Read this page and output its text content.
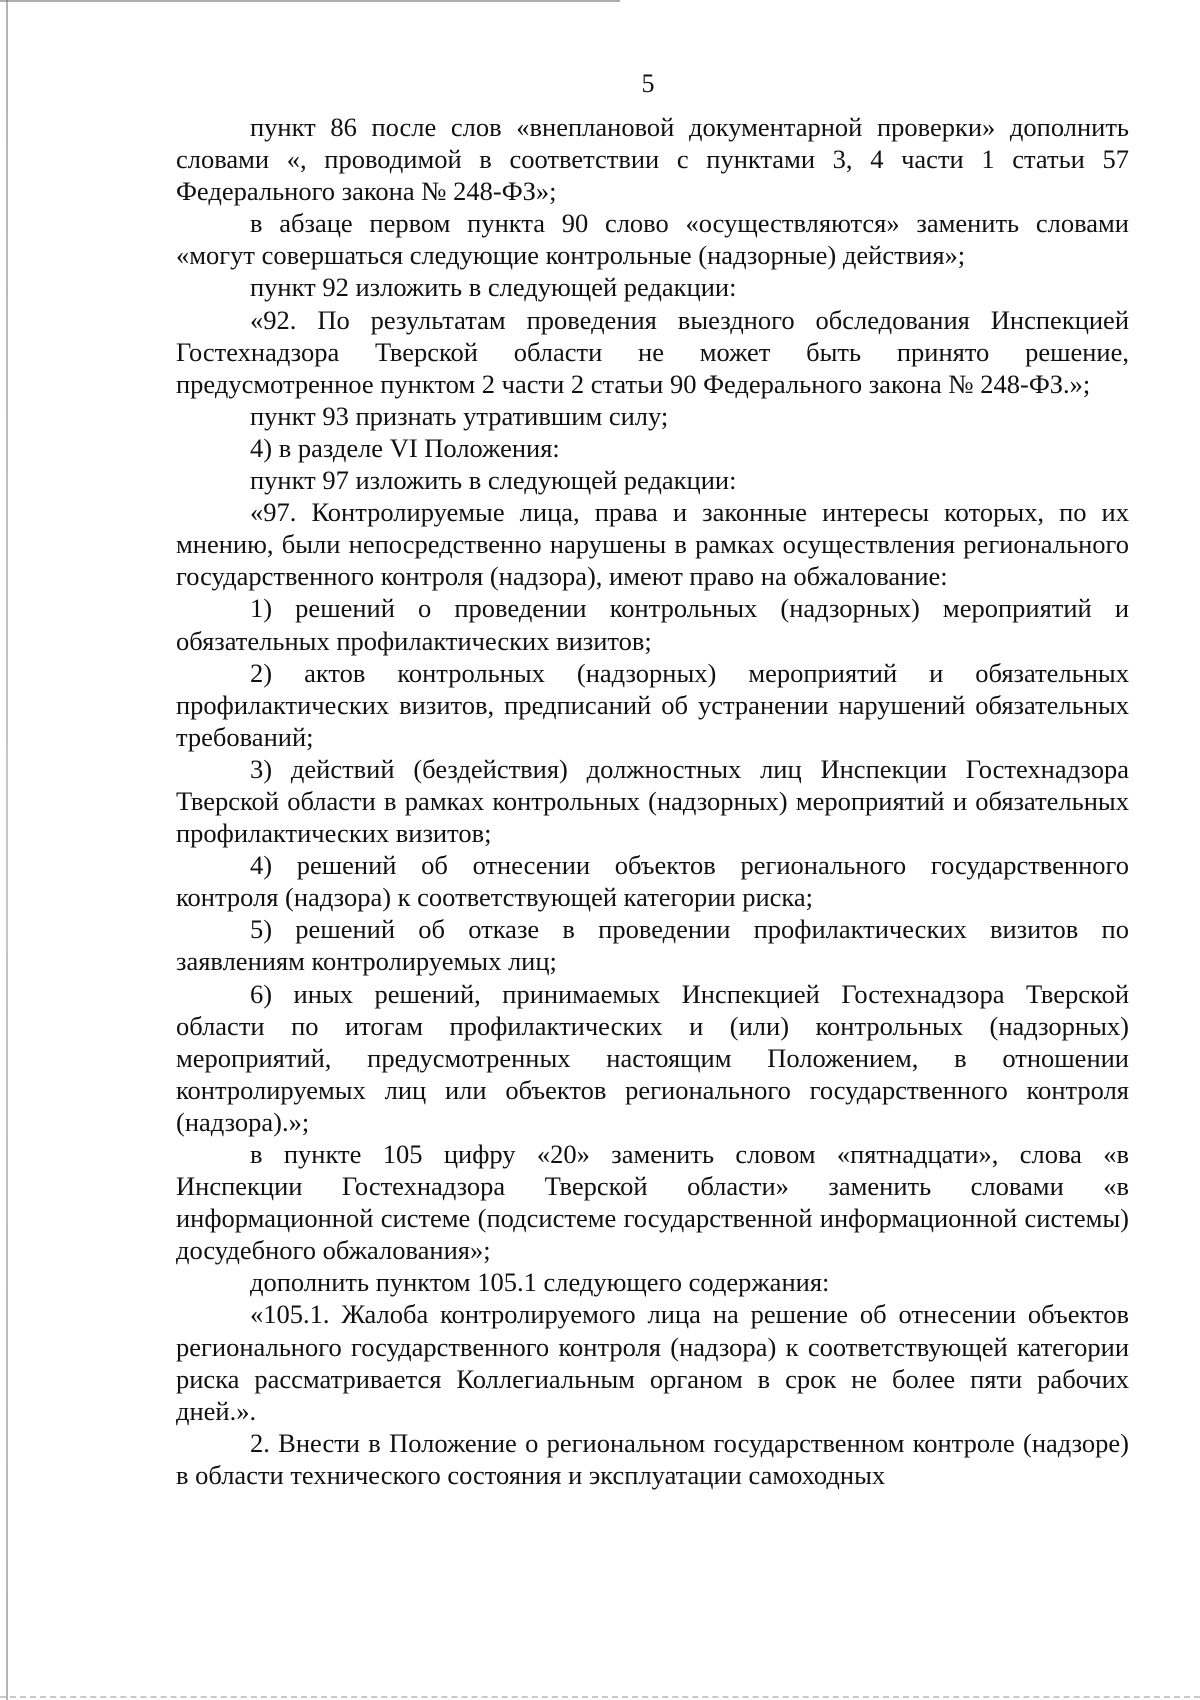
5

пункт 86 после слов «внеплановой документарной проверки» дополнить словами «, проводимой в соответствии с пунктами 3, 4 части 1 статьи 57 Федерального закона № 248-ФЗ»;

в абзаце первом пункта 90 слово «осуществляются» заменить словами «могут совершаться следующие контрольные (надзорные) действия»;

пункт 92 изложить в следующей редакции:

«92. По результатам проведения выездного обследования Инспекцией Гостехнадзора Тверской области не может быть принято решение, предусмотренное пунктом 2 части 2 статьи 90 Федерального закона № 248-ФЗ.»;

пункт 93 признать утратившим силу;

4) в разделе VI Положения:

пункт 97 изложить в следующей редакции:

«97. Контролируемые лица, права и законные интересы которых, по их мнению, были непосредственно нарушены в рамках осуществления регионального государственного контроля (надзора), имеют право на обжалование:

1) решений о проведении контрольных (надзорных) мероприятий и обязательных профилактических визитов;

2) актов контрольных (надзорных) мероприятий и обязательных профилактических визитов, предписаний об устранении нарушений обязательных требований;

3) действий (бездействия) должностных лиц Инспекции Гостехнадзора Тверской области в рамках контрольных (надзорных) мероприятий и обязательных профилактических визитов;

4) решений об отнесении объектов регионального государственного контроля (надзора) к соответствующей категории риска;

5) решений об отказе в проведении профилактических визитов по заявлениям контролируемых лиц;

6) иных решений, принимаемых Инспекцией Гостехнадзора Тверской области по итогам профилактических и (или) контрольных (надзорных) мероприятий, предусмотренных настоящим Положением, в отношении контролируемых лиц или объектов регионального государственного контроля (надзора).»;

в пункте 105 цифру «20» заменить словом «пятнадцати», слова «в Инспекции Гостехнадзора Тверской области» заменить словами «в информационной системе (подсистеме государственной информационной системы) досудебного обжалования»;

дополнить пунктом 105.1 следующего содержания:

«105.1. Жалоба контролируемого лица на решение об отнесении объектов регионального государственного контроля (надзора) к соответствующей категории риска рассматривается Коллегиальным органом в срок не более пяти рабочих дней.».

2. Внести в Положение о региональном государственном контроле (надзоре) в области технического состояния и эксплуатации самоходных
